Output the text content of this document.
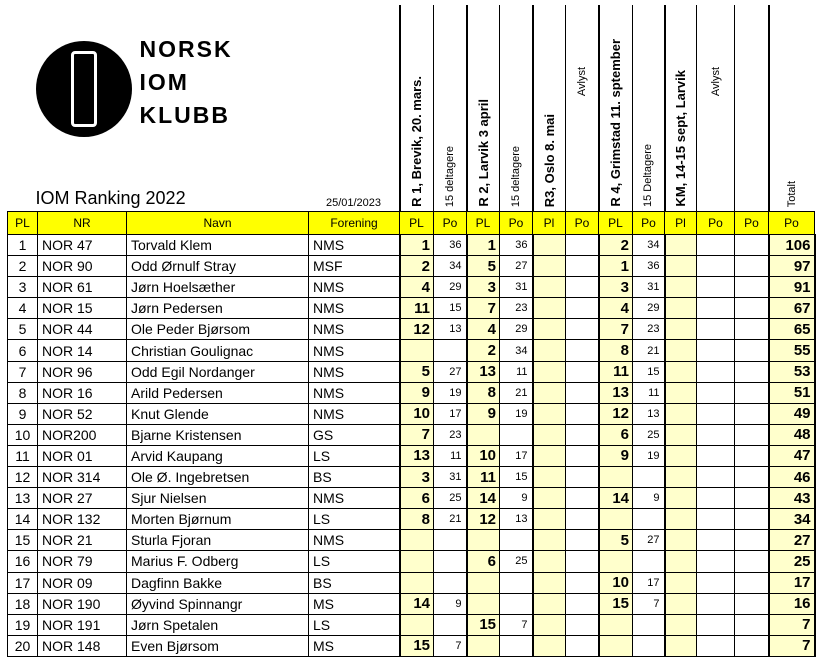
NORSK
IOM
KLUBB
IOM Ranking 2022			25/01/2023	R 1, Brevik, 20. mars.	15 deltagere	R 2, Larvik 3 april	15 deltagere	R3, Oslo 8. mai	Avlyst	R 4, Grimstad 11. sptember	15 Deltagere	KM, 14-15 sept, Larvik	Avlyst		Totalt

PL	NR	Navn	Forening	PL	Po	PL	Po	Pl	Po	PL	Po	Pl	Po	Po	Po
1	NOR 47	Torvald Klem	NMS	1	36	1	36			2	34				106
2	NOR 90	Odd Ørnulf Stray	MSF	2	34	5	27			1	36				97
3	NOR 61	Jørn Hoelsæther	NMS	4	29	3	31			3	31				91
4	NOR 15	Jørn Pedersen	NMS	11	15	7	23			4	29				67
5	NOR 44	Ole Peder Bjørsom	NMS	12	13	4	29			7	23				65
6	NOR 14	Christian Goulignac	NMS			2	34			8	21				55
7	NOR 96	Odd Egil Nordanger	NMS	5	27	13	11			11	15				53
8	NOR 16	Arild Pedersen	NMS	9	19	8	21			13	11				51
9	NOR 52	Knut Glende	NMS	10	17	9	19			12	13				49
10	NOR200	Bjarne Kristensen	GS	7	23					6	25				48
11	NOR 01	Arvid Kaupang	LS	13	11	10	17			9	19				47
12	NOR 314	Ole Ø. Ingebretsen	BS	3	31	11	15								46
13	NOR 27	Sjur Nielsen	NMS	6	25	14	9			14	9				43
14	NOR 132	Morten Bjørnum	LS	8	21	12	13								34
15	NOR 21	Sturla Fjoran	NMS							5	27				27
16	NOR 79	Marius F. Odberg	LS			6	25								25
17	NOR 09	Dagfinn Bakke	BS							10	17				17
18	NOR 190	Øyvind Spinnangr	MS	14	9					15	7				16
19	NOR 191	Jørn Spetalen	LS			15	7								7
20	NOR 148	Even Bjørsom	MS	15	7										7
